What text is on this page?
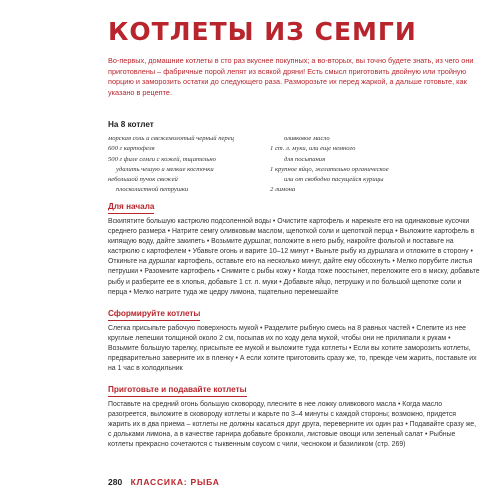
КОТЛЕТЫ ИЗ СЕМГИ
Во-первых, домашние котлеты в сто раз вкуснее покупных; а во-вторых, вы точно будете знать, из чего они приготовлены – фабричные порой лепят из всякой дряни! Есть смысл приготовить двойную или тройную порцию и заморозить остатки до следующего раза. Разморозьте их перед жаркой, а дальше готовьте, как указано в рецепте.
На 8 котлет
морская соль и свежемолотый черный перец
600 г картофеля
500 г филе семги с кожей, тщательно
удалить чешую и мелкие косточки
небольшой пучок свежей
плосколистной петрушки
оливковое масло
1 ст. л. муки, или еще немного
для посыпания
1 крупное яйцо, желательно органическое
или от свободно пасущейся курицы
2 лимона
Для начала
Вскипятите большую кастрюлю подсоленной воды • Очистите картофель и нарежьте его на одинаковые кусочки среднего размера • Натрите семгу оливковым маслом, щепоткой соли и щепоткой перца • Выложите картофель в кипящую воду, дайте закипеть • Возьмите дуршлаг, положите в него рыбу, накройте фольгой и поставьте на кастрюлю с картофелем • Убавьте огонь и варите 10–12 минут • Выньте рыбу из дуршлага и отложите в сторону • Откиньте на дуршлаг картофель, оставьте его на несколько минут, дайте ему обсохнуть • Мелко порубите листья петрушки • Разомните картофель • Снимите с рыбы кожу • Когда тоже поостынет, переложите его в миску, добавьте рыбу и разберите ее в хлопья, добавьте 1 ст. л. муки • Добавьте яйцо, петрушку и по большой щепотке соли и перца • Мелко натрите туда же цедру лимона, тщательно перемешайте
Сформируйте котлеты
Слегка присыпьте рабочую поверхность мукой • Разделите рыбную смесь на 8 равных частей • Слепите из нее круглые лепешки толщиной около 2 см, посыпав их по ходу дела мукой, чтобы они не прилипали к рукам • Возьмите большую тарелку, присыпьте ее мукой и выложите туда котлеты • Если вы хотите заморозить котлеты, предварительно заверните их в пленку • А если хотите приготовить сразу же, то, прежде чем жарить, поставьте их на 1 час в холодильник
Приготовьте и подавайте котлеты
Поставьте на средний огонь большую сковороду, плесните в нее ложку оливкового масла • Когда масло разогреется, выложите в сковороду котлеты и жарьте по 3–4 минуты с каждой стороны; возможно, придется жарить их в два приема – котлеты не должны касаться друг друга, переверните их один раз • Подавайте сразу же, с дольками лимона, а в качестве гарнира добавьте брокколи, листовые овощи или зеленый салат • Рыбные котлеты прекрасно сочетаются с тыквенным соусом с чили, чесноком и базиликом (стр. 269)
280 КЛАССИКА: РЫБА
